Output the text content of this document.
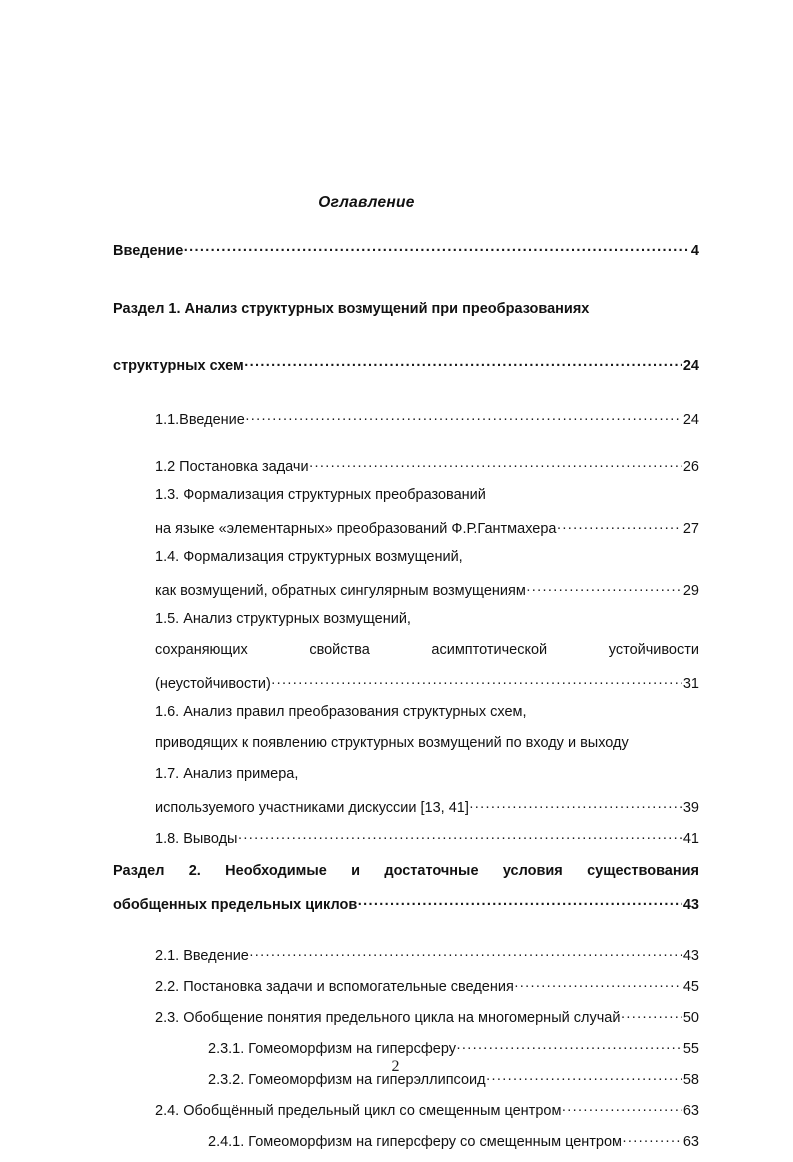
Оглавление
Введение .....	4
Раздел 1. Анализ структурных возмущений при преобразованиях
структурных схем .....	24
1.1.Введение .....	24
1.2 Постановка задачи .....	26
1.3. Формализация структурных преобразований
на языке «элементарных» преобразований Ф.Р.Гантмахера .....	27
1.4. Формализация структурных возмущений,
как возмущений, обратных сингулярным возмущениям .....	29
1.5. Анализ структурных возмущений,
сохраняющих свойства асимптотической устойчивости
(неустойчивости) .....	31
1.6. Анализ правил преобразования структурных схем,
приводящих к появлению структурных возмущений по входу и выходу
1.7. Анализ примера,
используемого участниками дискуссии [13, 41] .....	39
1.8. Выводы .....	41
Раздел 2. Необходимые и достаточные условия существования
обобщенных предельных циклов .....	43
2.1. Введение .....	43
2.2. Постановка задачи и вспомогательные сведения .....	45
2.3. Обобщение понятия предельного цикла на многомерный случай .....	50
2.3.1. Гомеоморфизм на гиперсферу .....	55
2.3.2. Гомеоморфизм на гиперэллипсоид .....	58
2.4. Обобщённый предельный цикл со смещенным центром .....	63
2.4.1. Гомеоморфизм на гиперсферу со смещенным центром .....	63
2
